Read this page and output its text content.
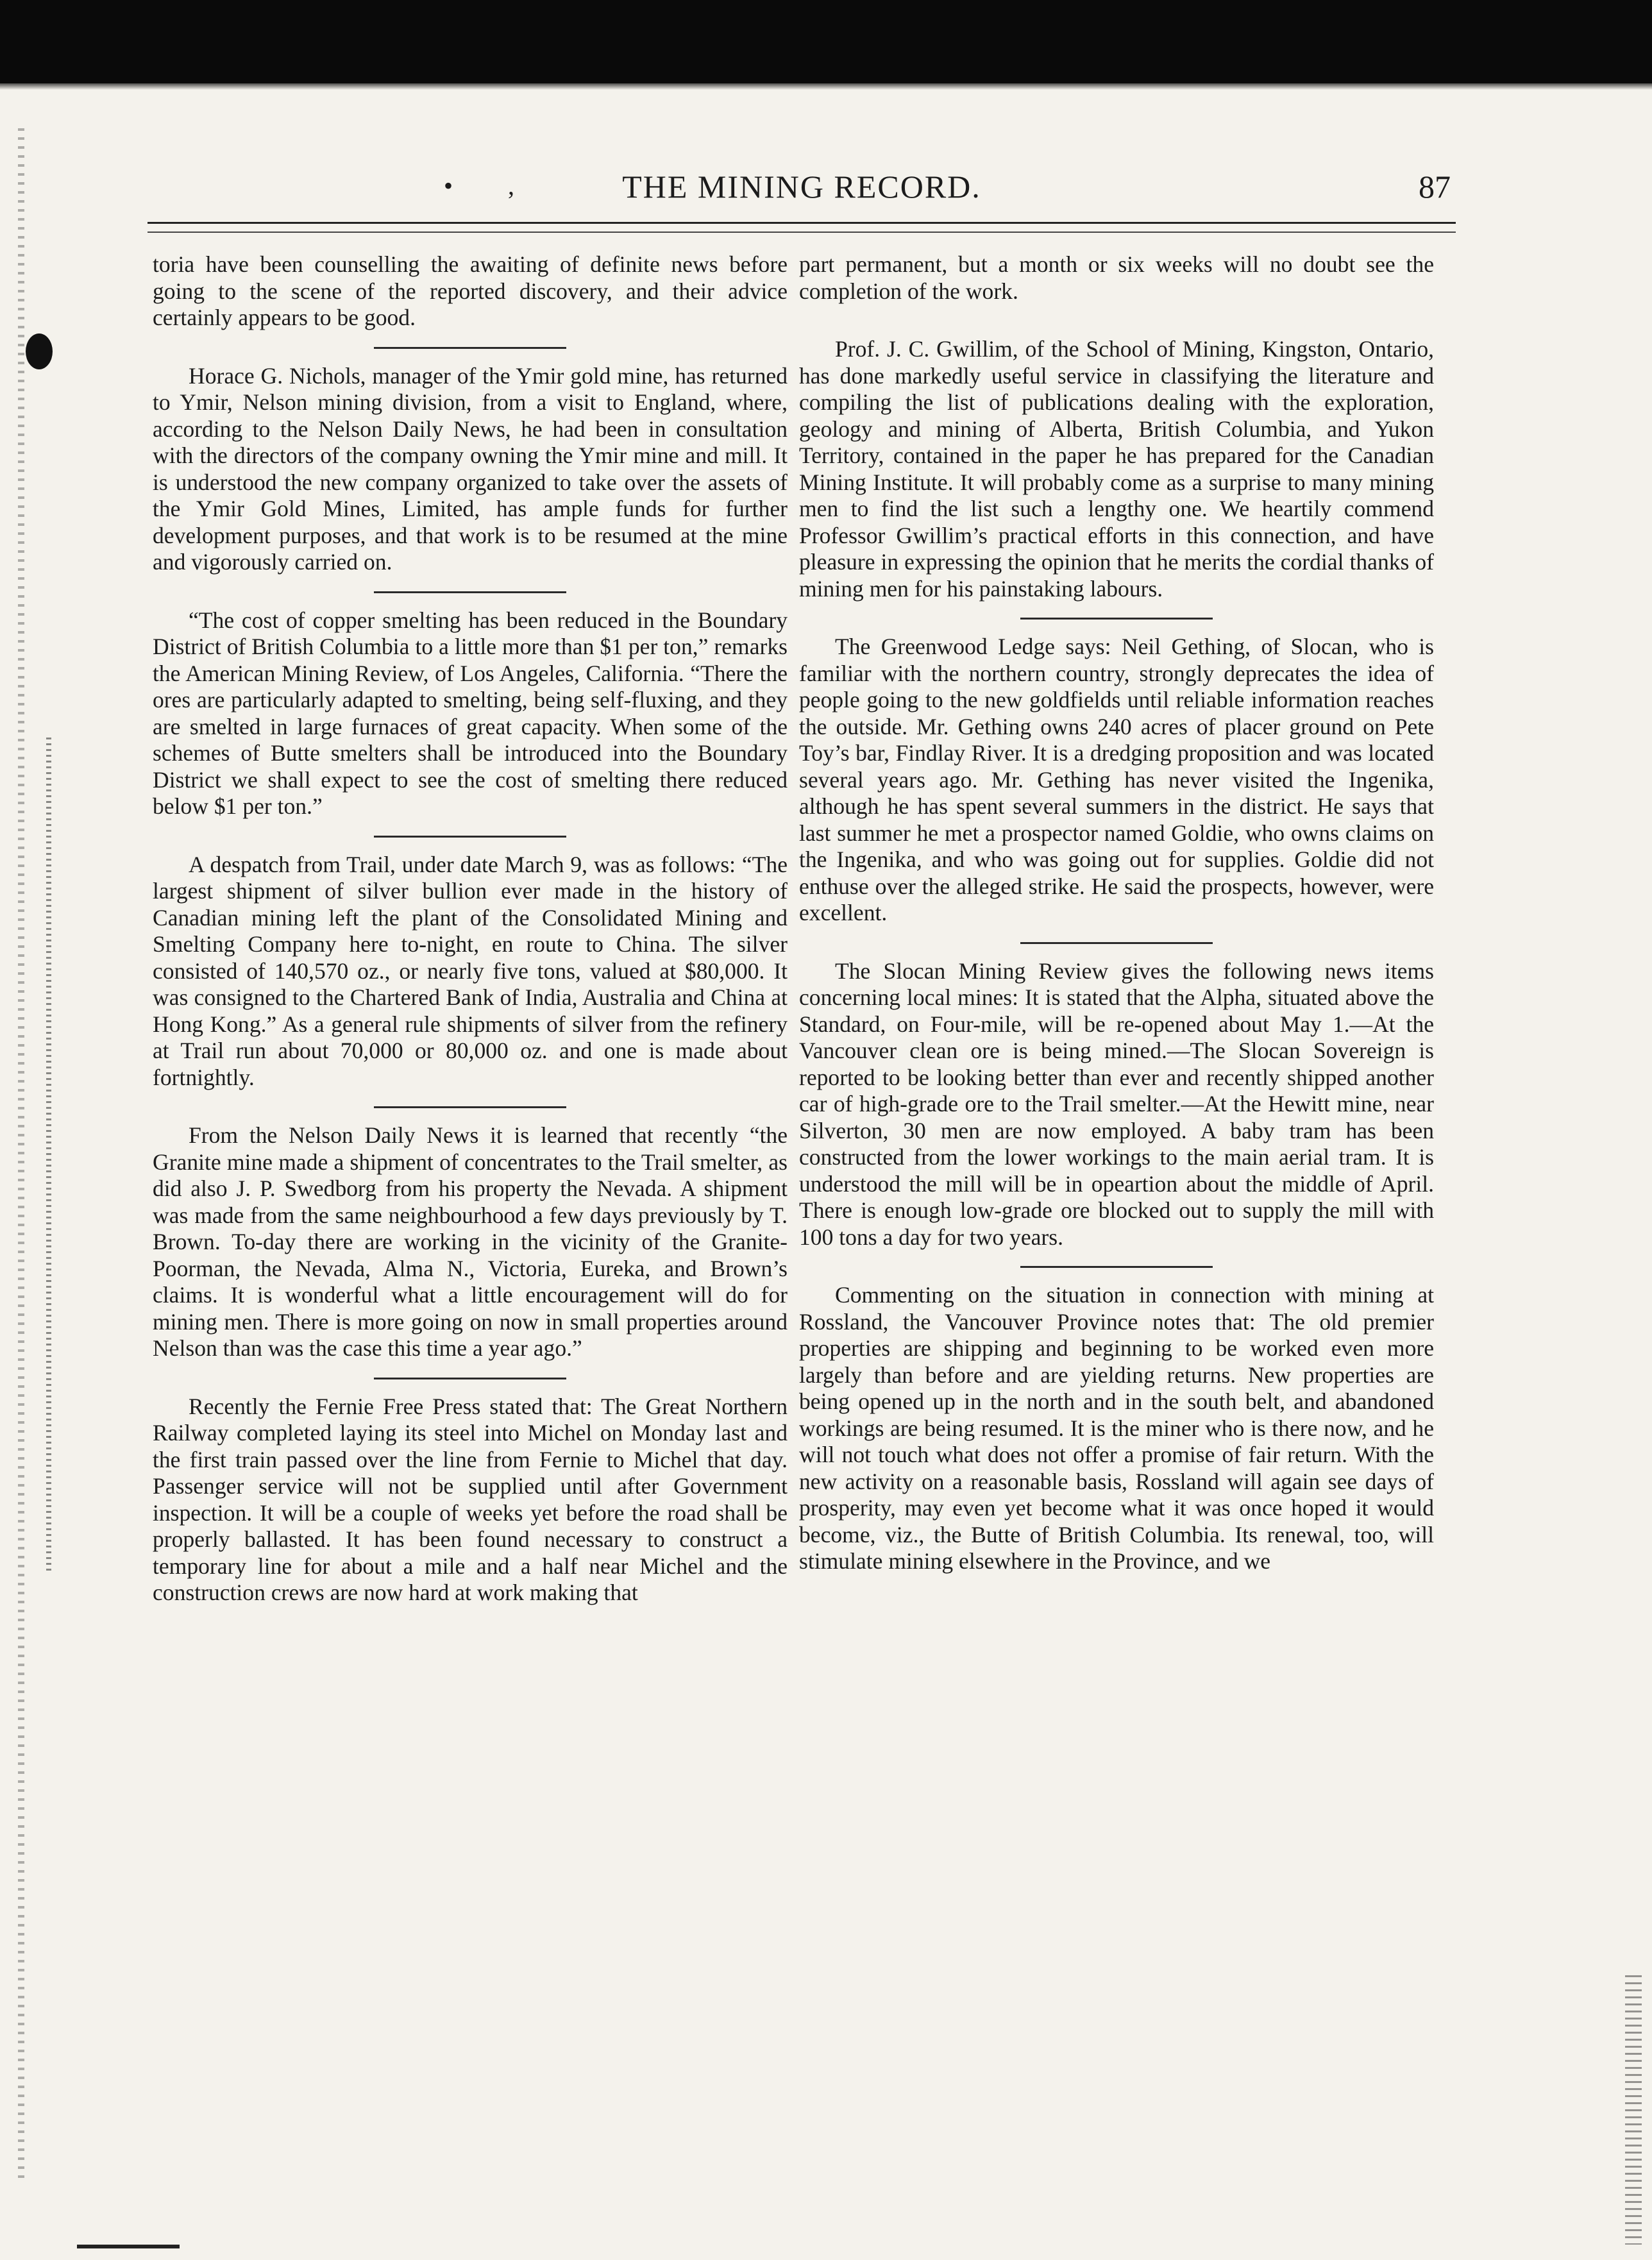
• ,	THE MINING RECORD.	87

toria have been counselling the awaiting of definite news before going to the scene of the reported discovery, and their advice certainly appears to be good.

Horace G. Nichols, manager of the Ymir gold mine, has returned to Ymir, Nelson mining division, from a visit to England, where, according to the Nelson Daily News, he had been in consultation with the directors of the company owning the Ymir mine and mill. It is understood the new company organized to take over the assets of the Ymir Gold Mines, Limited, has ample funds for further development purposes, and that work is to be resumed at the mine and vigorously carried on.

“The cost of copper smelting has been reduced in the Boundary District of British Columbia to a little more than $1 per ton,” remarks the American Mining Review, of Los Angeles, California. “There the ores are particularly adapted to smelting, being self-fluxing, and they are smelted in large furnaces of great capacity. When some of the schemes of Butte smelters shall be introduced into the Boundary District we shall expect to see the cost of smelting there reduced below $1 per ton.”

A despatch from Trail, under date March 9, was as follows: “The largest shipment of silver bullion ever made in the history of Canadian mining left the plant of the Consolidated Mining and Smelting Company here to-night, en route to China. The silver consisted of 140,570 oz., or nearly five tons, valued at $80,000. It was consigned to the Chartered Bank of India, Australia and China at Hong Kong.” As a general rule shipments of silver from the refinery at Trail run about 70,000 or 80,000 oz. and one is made about fortnightly.

From the Nelson Daily News it is learned that recently “the Granite mine made a shipment of concentrates to the Trail smelter, as did also J. P. Swedborg from his property the Nevada. A shipment was made from the same neighbourhood a few days previously by T. Brown. To-day there are working in the vicinity of the Granite-Poorman, the Nevada, Alma N., Victoria, Eureka, and Brown’s claims. It is wonderful what a little encouragement will do for mining men. There is more going on now in small properties around Nelson than was the case this time a year ago.”

Recently the Fernie Free Press stated that: The Great Northern Railway completed laying its steel into Michel on Monday last and the first train passed over the line from Fernie to Michel that day. Passenger service will not be supplied until after Government inspection. It will be a couple of weeks yet before the road shall be properly ballasted. It has been found necessary to construct a temporary line for about a mile and a half near Michel and the construction crews are now hard at work making that

part permanent, but a month or six weeks will no doubt see the completion of the work.

Prof. J. C. Gwillim, of the School of Mining, Kingston, Ontario, has done markedly useful service in classifying the literature and compiling the list of publications dealing with the exploration, geology and mining of Alberta, British Columbia, and Yukon Territory, contained in the paper he has prepared for the Canadian Mining Institute. It will probably come as a surprise to many mining men to find the list such a lengthy one. We heartily commend Professor Gwillim’s practical efforts in this connection, and have pleasure in expressing the opinion that he merits the cordial thanks of mining men for his painstaking labours.

The Greenwood Ledge says: Neil Gething, of Slocan, who is familiar with the northern country, strongly deprecates the idea of people going to the new goldfields until reliable information reaches the outside. Mr. Gething owns 240 acres of placer ground on Pete Toy’s bar, Findlay River. It is a dredging proposition and was located several years ago. Mr. Gething has never visited the Ingenika, although he has spent several summers in the district. He says that last summer he met a prospector named Goldie, who owns claims on the Ingenika, and who was going out for supplies. Goldie did not enthuse over the alleged strike. He said the prospects, however, were excellent.

The Slocan Mining Review gives the following news items concerning local mines: It is stated that the Alpha, situated above the Standard, on Four-mile, will be re-opened about May 1.—At the Vancouver clean ore is being mined.—The Slocan Sovereign is reported to be looking better than ever and recently shipped another car of high-grade ore to the Trail smelter.—At the Hewitt mine, near Silverton, 30 men are now employed. A baby tram has been constructed from the lower workings to the main aerial tram. It is understood the mill will be in opeartion about the middle of April. There is enough low-grade ore blocked out to supply the mill with 100 tons a day for two years.

Commenting on the situation in connection with mining at Rossland, the Vancouver Province notes that: The old premier properties are shipping and beginning to be worked even more largely than before and are yielding returns. New properties are being opened up in the north and in the south belt, and abandoned workings are being resumed. It is the miner who is there now, and he will not touch what does not offer a promise of fair return. With the new activity on a reasonable basis, Rossland will again see days of prosperity, may even yet become what it was once hoped it would become, viz., the Butte of British Columbia. Its renewal, too, will stimulate mining elsewhere in the Province, and we
